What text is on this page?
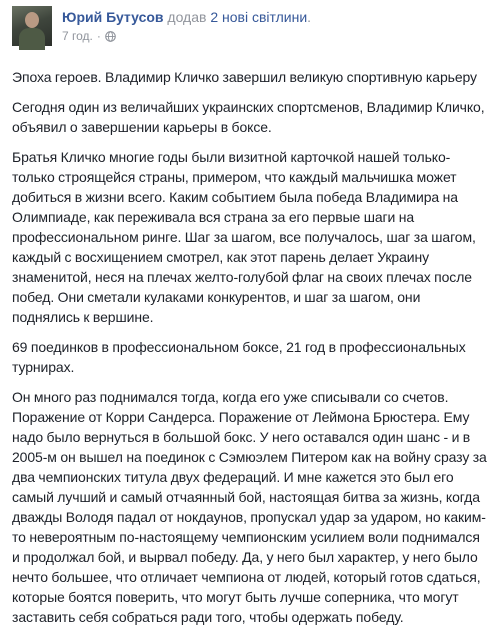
Юрий Бутусов додав 2 нові світлини.
7 год. ·

Эпоха героев. Владимир Кличко завершил великую спортивную карьеру

Сегодня один из величайших украинских спортсменов, Владимир Кличко, объявил о завершении карьеры в боксе.

Братья Кличко многие годы были визитной карточкой нашей только-только строящейся страны, примером, что каждый мальчишка может добиться в жизни всего. Каким событием была победа Владимира на Олимпиаде, как переживала вся страна за его первые шаги на профессиональном ринге. Шаг за шагом, все получалось, шаг за шагом, каждый с восхищением смотрел, как этот парень делает Украину знаменитой, неся на плечах желто-голубой флаг на своих плечах после побед. Они сметали кулаками конкурентов, и шаг за шагом, они поднялись к вершине.

69 поединков в профессиональном боксе, 21 год в профессиональных турнирах.

Он много раз поднимался тогда, когда его уже списывали со счетов. Поражение от Корри Сандерса. Поражение от Леймона Брюстера. Ему надо было вернуться в большой бокс. У него оставался один шанс - и в 2005-м он вышел на поединок с Сэмюэлем Питером как на войну сразу за два чемпионских титула двух федераций. И мне кажется это был его самый лучший и самый отчаянный бой, настоящая битва за жизнь, когда дважды Володя падал от нокдаунов, пропускал удар за ударом, но каким-то невероятным по-настоящему чемпионским усилием воли поднимался и продолжал бой, и вырвал победу. Да, у него был характер, у него было нечто большее, что отличает чемпиона от людей, который готов сдаться, которые боятся поверить, что могут быть лучше соперника, что могут заставить себя собраться ради того, чтобы одержать победу.
